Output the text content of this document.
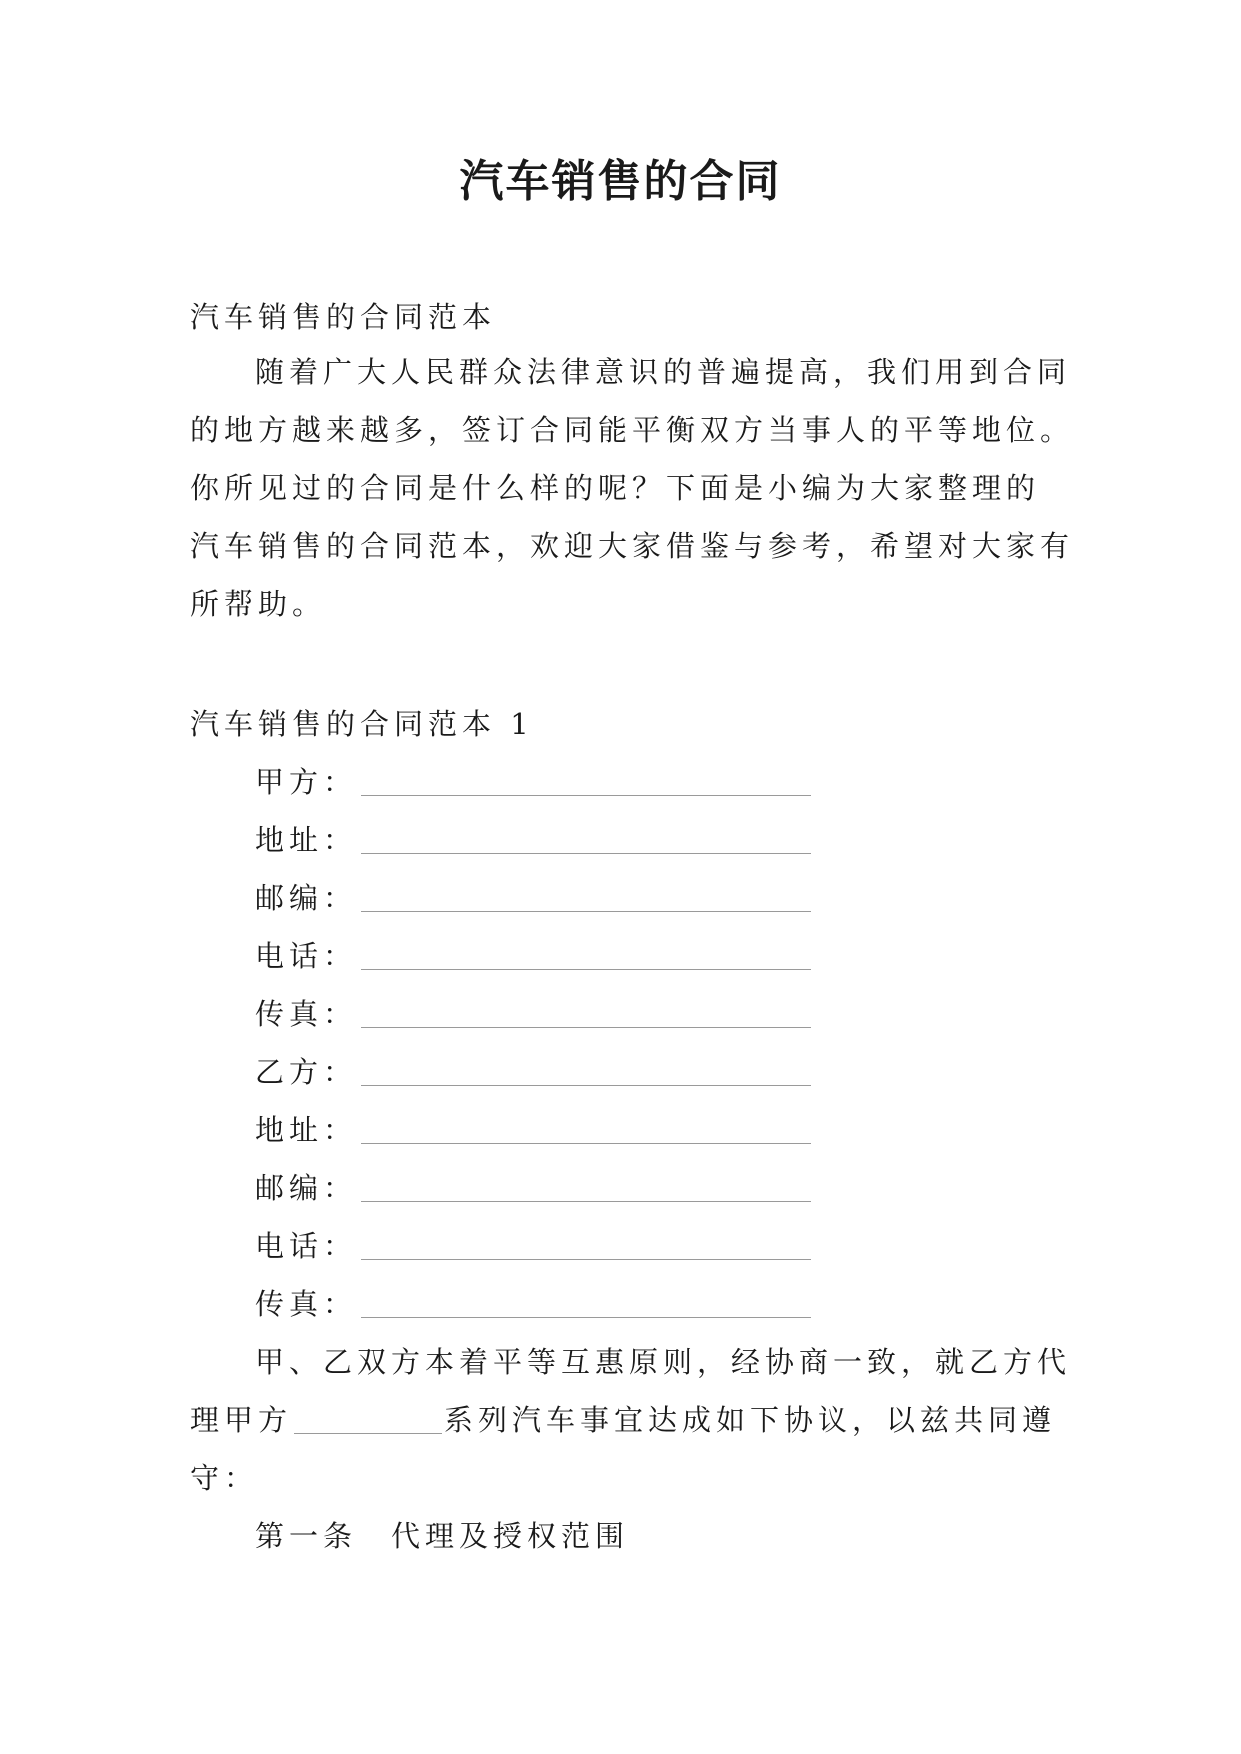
汽车销售的合同
汽车销售的合同范本
随着广大人民群众法律意识的普遍提高，我们用到合同
的地方越来越多，签订合同能平衡双方当事人的平等地位。
你所见过的合同是什么样的呢？下面是小编为大家整理的
汽车销售的合同范本，欢迎大家借鉴与参考，希望对大家有
所帮助。
汽车销售的合同范本 1
甲方：
地址：
邮编：
电话：
传真：
乙方：
地址：
邮编：
电话：
传真：
甲、乙双方本着平等互惠原则，经协商一致，就乙方代
理甲方	系列汽车事宜达成如下协议，以兹共同遵
守：
第一条　代理及授权范围
